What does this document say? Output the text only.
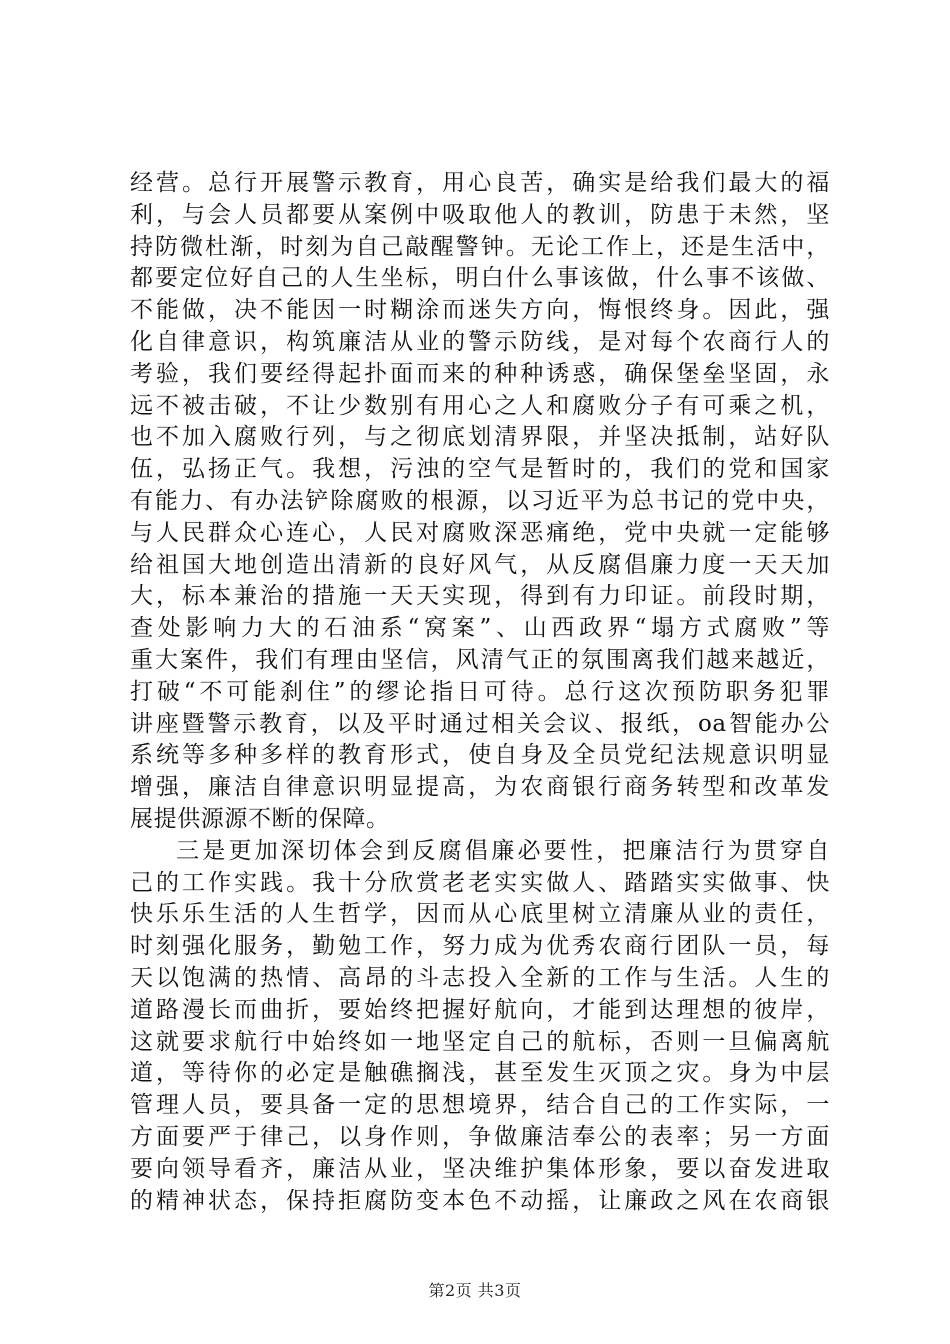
经营。总行开展警示教育，用心良苦，确实是给我们最大的福
利，与会人员都要从案例中吸取他人的教训，防患于未然，坚
持防微杜渐，时刻为自己敲醒警钟。无论工作上，还是生活中，
都要定位好自己的人生坐标，明白什么事该做，什么事不该做、
不能做，决不能因一时糊涂而迷失方向，悔恨终身。因此，强
化自律意识，构筑廉洁从业的警示防线，是对每个农商行人的
考验，我们要经得起扑面而来的种种诱惑，确保堡垒坚固，永
远不被击破，不让少数别有用心之人和腐败分子有可乘之机，
也不加入腐败行列，与之彻底划清界限，并坚决抵制，站好队
伍，弘扬正气。我想，污浊的空气是暂时的，我们的党和国家
有能力、有办法铲除腐败的根源，以习近平为总书记的党中央，
与人民群众心连心，人民对腐败深恶痛绝，党中央就一定能够
给祖国大地创造出清新的良好风气，从反腐倡廉力度一天天加
大，标本兼治的措施一天天实现，得到有力印证。前段时期，
查处影响力大的石油系“窝案”、山西政界“塌方式腐败”等
重大案件，我们有理由坚信，风清气正的氛围离我们越来越近，
打破“不可能刹住”的缪论指日可待。总行这次预防职务犯罪
讲座暨警示教育，以及平时通过相关会议、报纸，oa智能办公
系统等多种多样的教育形式，使自身及全员党纪法规意识明显
增强，廉洁自律意识明显提高，为农商银行商务转型和改革发
展提供源源不断的保障。
三是更加深切体会到反腐倡廉必要性，把廉洁行为贯穿自
己的工作实践。我十分欣赏老老实实做人、踏踏实实做事、快
快乐乐生活的人生哲学，因而从心底里树立清廉从业的责任，
时刻强化服务，勤勉工作，努力成为优秀农商行团队一员，每
天以饱满的热情、高昂的斗志投入全新的工作与生活。人生的
道路漫长而曲折，要始终把握好航向，才能到达理想的彼岸，
这就要求航行中始终如一地坚定自己的航标，否则一旦偏离航
道，等待你的必定是触礁搁浅，甚至发生灭顶之灾。身为中层
管理人员，要具备一定的思想境界，结合自己的工作实际，一
方面要严于律己，以身作则，争做廉洁奉公的表率；另一方面
要向领导看齐，廉洁从业，坚决维护集体形象，要以奋发进取
的精神状态，保持拒腐防变本色不动摇，让廉政之风在农商银
第2页 共3页
